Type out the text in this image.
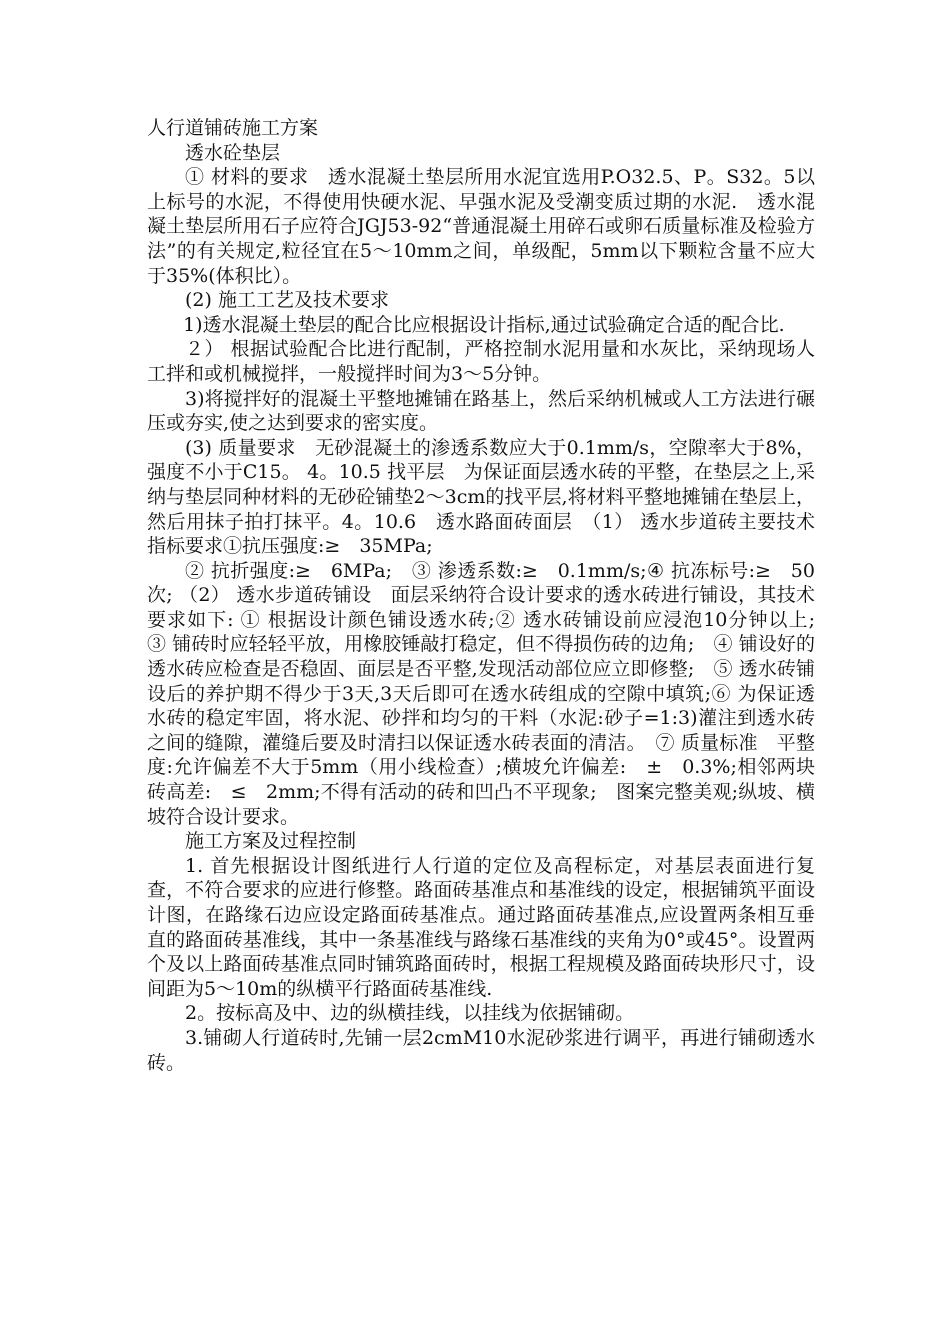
人行道铺砖施工方案

透水砼垫层

① 材料的要求　透水混凝土垫层所用水泥宜选用P.O32.5、P。S32。5以上标号的水泥，不得使用快硬水泥、早强水泥及受潮变质过期的水泥.　透水混凝土垫层所用石子应符合JGJ53-92“普通混凝土用碎石或卵石质量标准及检验方法”的有关规定,粒径宜在5～10mm之间，单级配，5mm以下颗粒含量不应大于35%(体积比）。

(2) 施工工艺及技术要求

1)透水混凝土垫层的配合比应根据设计指标,通过试验确定合适的配合比.

２） 根据试验配合比进行配制，严格控制水泥用量和水灰比，采纳现场人工拌和或机械搅拌，一般搅拌时间为3～5分钟。

3)将搅拌好的混凝土平整地摊铺在路基上，然后采纳机械或人工方法进行碾压或夯实,使之达到要求的密实度。

(3) 质量要求　无砂混凝土的渗透系数应大于0.1mm/s，空隙率大于8%，强度不小于C15。 4。10.5 找平层　为保证面层透水砖的平整，在垫层之上,采纳与垫层同种材料的无砂砼铺垫2～3cm的找平层,将材料平整地摊铺在垫层上，然后用抹子拍打抹平。4。10.6　透水路面砖面层　（1） 透水步道砖主要技术指标要求①抗压强度:≥　35MPa;

② 抗折强度:≥　6MPa;　③ 渗透系数:≥　0.1mm/s;④ 抗冻标号:≥　50次; （2） 透水步道砖铺设　面层采纳符合设计要求的透水砖进行铺设，其技术要求如下: ① 根据设计颜色铺设透水砖;② 透水砖铺设前应浸泡10分钟以上;　 ③ 铺砖时应轻轻平放，用橡胶锤敲打稳定，但不得损伤砖的边角;　④ 铺设好的透水砖应检查是否稳固、面层是否平整,发现活动部位应立即修整;　⑤ 透水砖铺设后的养护期不得少于3天,3天后即可在透水砖组成的空隙中填筑;⑥ 为保证透水砖的稳定牢固，将水泥、砂拌和均匀的干料（水泥:砂子=1:3)灌注到透水砖之间的缝隙，灌缝后要及时清扫以保证透水砖表面的清洁。　⑦ 质量标准　平整度:允许偏差不大于5mm（用小线检查）;横坡允许偏差:　±　0.3%;相邻两块砖高差:　≤　2mm;不得有活动的砖和凹凸不平现象;　图案完整美观;纵坡、横坡符合设计要求。

施工方案及过程控制

1. 首先根据设计图纸进行人行道的定位及高程标定，对基层表面进行复查，不符合要求的应进行修整。路面砖基准点和基准线的设定，根据铺筑平面设计图，在路缘石边应设定路面砖基准点。通过路面砖基准点,应设置两条相互垂直的路面砖基准线，其中一条基准线与路缘石基准线的夹角为0°或45°。设置两个及以上路面砖基准点同时铺筑路面砖时，根据工程规模及路面砖块形尺寸，设间距为5～10m的纵横平行路面砖基准线.

2。按标高及中、边的纵横挂线，以挂线为依据铺砌。

3.铺砌人行道砖时,先铺一层2cmM10水泥砂浆进行调平，再进行铺砌透水砖。
